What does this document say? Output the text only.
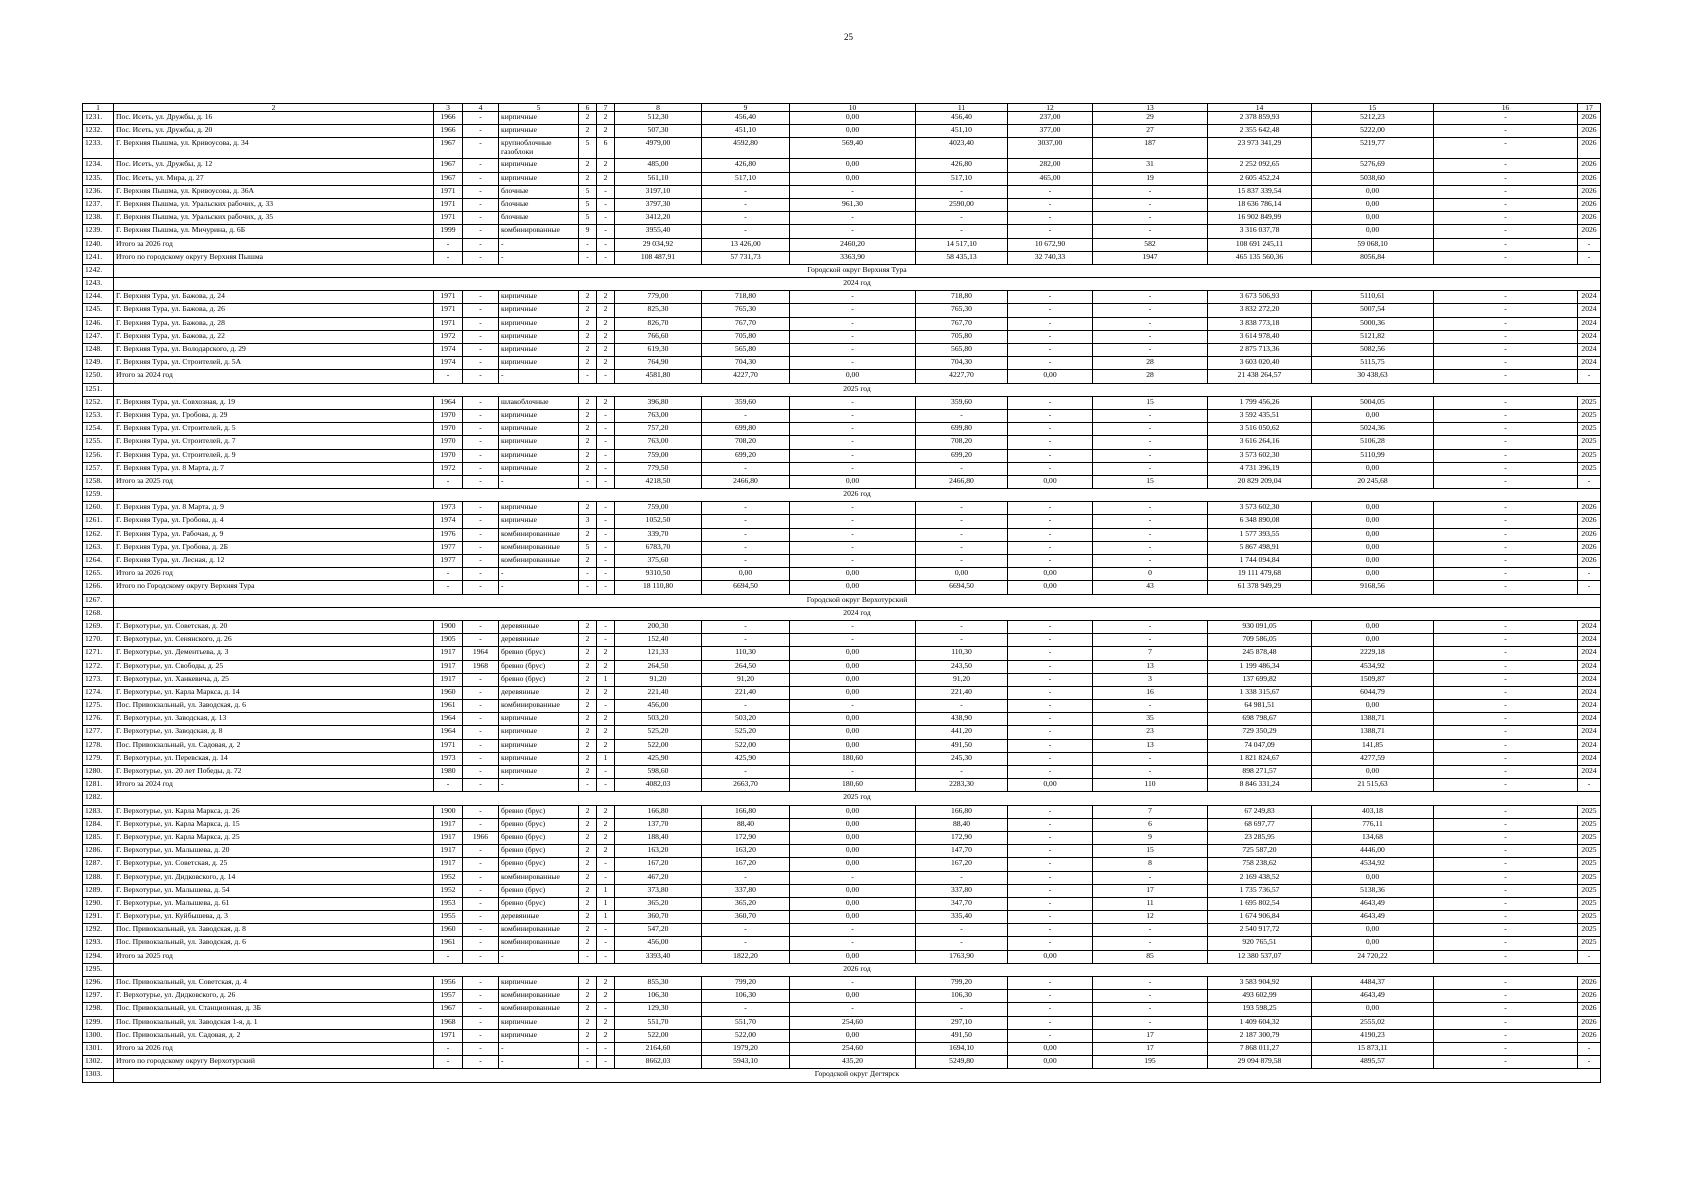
25
1	2	3	4	5	6	7	8	9	10	11	12	13	14	15	16	17
1231.	Пос. Исеть, ул. Дружбы, д. 16	1966	-	кирпичные	2	2	512,30	456,40	0,00	456,40	237,00	29	2 378 859,93	5212,23	-	2026
1232.	Пос. Исеть, ул. Дружбы, д. 20	1966	-	кирпичные	2	2	507,30	451,10	0,00	451,10	377,00	27	2 355 642,48	5222,00	-	2026
1233.	Г. Верхняя Пышма, ул. Кривоусова, д. 34	1967	-	крупноблочные газоблоки	5	6	4979,00	4592,80	569,40	4023,40	3037,00	187	23 973 341,29	5219,77	-	2026
1234.	Пос. Исеть, ул. Дружбы, д. 12	1967	-	кирпичные	2	2	485,00	426,80	0,00	426,80	282,00	31	2 252 092,65	5276,69	-	2026
1235.	Пос. Исеть, ул. Мира, д. 27	1967	-	кирпичные	2	2	561,10	517,10	0,00	517,10	465,00	19	2 605 452,24	5038,60	-	2026
1236.	Г. Верхняя Пышма, ул. Кривоусова, д. 36А	1971	-	блочные	5	-	3197,10	-	-	-	-	-	15 837 339,54	0,00	-	2026
1237.	Г. Верхняя Пышма, ул. Уральских рабочих, д. 33	1971	-	блочные	5	-	3797,30	-	961,30	2590,00	-	-	18 636 786,14	0,00	-	2026
1238.	Г. Верхняя Пышма, ул. Уральских рабочих, д. 35	1971	-	блочные	5	-	3412,20	-	-	-	-	-	16 902 849,99	0,00	-	2026
1239.	Г. Верхняя Пышма, ул. Мичурина, д. 6Б	1999	-	комбинированные	9	-	3955,40	-	-	-	-	-	3 316 037,78	0,00	-	2026
1240.	Итого за 2026 год	-	-	-	-	-	29 034,92	13 426,00	2460,20	14 517,10	10 672,90	582	108 691 245,11	59 068,10	-	-
1241.	Итого по городскому округу Верхняя Пышма	-	-	-	-	-	108 487,91	57 731,73	3363,90	58 435,13	32 740,33	1947	465 135 560,36	8056,84	-	-
1242.	Городской округ Верхняя Тура															
1243.	2024 год															
1244.	Г. Верхняя Тура, ул. Бажова, д. 24	1971	-	кирпичные	2	2	779,00	718,80	-	718,80	-	-	3 673 506,93	5110,61	-	2024
1245.	Г. Верхняя Тура, ул. Бажова, д. 26	1971	-	кирпичные	2	2	825,30	765,30	-	765,30	-	-	3 832 272,20	5007,54	-	2024
1246.	Г. Верхняя Тура, ул. Бажова, д. 28	1971	-	кирпичные	2	2	826,70	767,70	-	767,70	-	-	3 838 773,18	5000,36	-	2024
1247.	Г. Верхняя Тура, ул. Бажова, д. 22	1972	-	кирпичные	2	2	766,60	705,80	-	705,80	-	-	3 614 978,40	5121,82	-	2024
1248.	Г. Верхняя Тура, ул. Володарского, д. 29	1974	-	кирпичные	2	2	619,30	565,80	-	565,80	-	-	2 875 713,36	5082,56	-	2024
1249.	Г. Верхняя Тура, ул. Строителей, д. 5А	1974	-	кирпичные	2	2	764,90	704,30	-	704,30	-	28	3 603 020,40	5115,75	-	2024
1250.	Итого за 2024 год	-	-	-	-	-	4581,80	4227,70	0,00	4227,70	0,00	28	21 438 264,57	30 438,63	-	-
1251.	2025 год															
1252.	Г. Верхняя Тура, ул. Совхозная, д. 19	1964	-	шлакоблочные	2	2	396,80	359,60	-	359,60	-	15	1 799 456,26	5004,05	-	2025
1253.	Г. Верхняя Тура, ул. Гробова, д. 29	1970	-	кирпичные	2	-	763,00	-	-	-	-	-	3 592 435,51	0,00	-	2025
1254.	Г. Верхняя Тура, ул. Строителей, д. 5	1970	-	кирпичные	2	-	757,20	699,80	-	699,80	-	-	3 516 050,62	5024,36	-	2025
1255.	Г. Верхняя Тура, ул. Строителей, д. 7	1970	-	кирпичные	2	-	763,00	708,20	-	708,20	-	-	3 616 264,16	5106,28	-	2025
1256.	Г. Верхняя Тура, ул. Строителей, д. 9	1970	-	кирпичные	2	-	759,00	699,20	-	699,20	-	-	3 573 602,30	5110,99	-	2025
1257.	Г. Верхняя Тура, ул. 8 Марта, д. 7	1972	-	кирпичные	2	-	779,50	-	-	-	-	-	4 731 396,19	0,00	-	2025
1258.	Итого за 2025 год	-	-	-	-	-	4218,50	2466,80	0,00	2466,80	0,00	15	20 829 209,04	20 245,68	-	-
1259.	2026 год															
1260.	Г. Верхняя Тура, ул. 8 Марта, д. 9	1973	-	кирпичные	2	-	759,00	-	-	-	-	-	3 573 602,30	0,00	-	2026
1261.	Г. Верхняя Тура, ул. Гробова, д. 4	1974	-	кирпичные	3	-	1052,50	-	-	-	-	-	6 348 890,08	0,00	-	2026
1262.	Г. Верхняя Тура, ул. Рабочая, д. 9	1976	-	комбинированные	2	-	339,70	-	-	-	-	-	1 577 393,55	0,00	-	2026
1263.	Г. Верхняя Тура, ул. Гробова, д. 2Б	1977	-	комбинированные	5	-	6783,70	-	-	-	-	-	5 867 498,91	0,00	-	2026
1264.	Г. Верхняя Тура, ул. Лесная, д. 12	1977	-	комбинированные	2	-	375,60	-	-	-	-	-	1 744 094,84	0,00	-	2026
1265.	Итого за 2026 год	-	-	-	-	-	9310,50	0,00	0,00	0,00	0,00	0	19 111 479,68	0,00	-	-
1266.	Итого по Городскому округу Верхняя Тура	-	-	-	-	-	18 110,80	6694,50	0,00	6694,50	0,00	43	61 378 949,29	9168,56	-	-
1267.	Городской округ Верхотурский															
1268.	2024 год															
1269.	Г. Верхотурье, ул. Советская, д. 20	1900	-	деревянные	2	-	200,30	-	-	-	-	-	930 091,05	0,00	-	2024
1270.	Г. Верхотурье, ул. Сенянского, д. 26	1905	-	деревянные	2	-	152,40	-	-	-	-	-	709 586,05	0,00	-	2024
1271.	Г. Верхотурье, ул. Дементьева, д. 3	1917	1964	бревно (брус)	2	2	121,33	110,30	0,00	110,30	-	7	245 878,48	2229,18	-	2024
1272.	Г. Верхотурье, ул. Свободы, д. 25	1917	1968	бревно (брус)	2	2	264,50	264,50	0,00	243,50	-	13	1 199 486,34	4534,92	-	2024
1273.	Г. Верхотурье, ул. Ханкевича, д. 25	1917	-	бревно (брус)	2	1	91,20	91,20	0,00	91,20	-	3	137 699,82	1509,87	-	2024
1274.	Г. Верхотурье, ул. Карла Маркса, д. 14	1960	-	деревянные	2	2	221,40	221,40	0,00	221,40	-	16	1 338 315,67	6044,79	-	2024
1275.	Пос. Привокзальный, ул. Заводская, д. 6	1961	-	комбинированные	2	-	456,00	-	-	-	-	-	64 981,51	0,00	-	2024
1276.	Г. Верхотурье, ул. Заводская, д. 13	1964	-	кирпичные	2	2	503,20	503,20	0,00	438,90	-	35	698 798,67	1388,71	-	2024
1277.	Г. Верхотурье, ул. Заводская, д. 8	1964	-	кирпичные	2	2	525,20	525,20	0,00	441,20	-	23	729 350,29	1388,71	-	2024
1278.	Пос. Привокзальный, ул. Садовая, д. 2	1971	-	кирпичные	2	2	522,00	522,00	0,00	491,50	-	13	74 047,09	141,85	-	2024
1279.	Г. Верхотурье, ул. Перевская, д. 14	1973	-	кирпичные	2	1	425,90	425,90	180,60	245,30	-	-	1 821 824,67	4277,59	-	2024
1280.	Г. Верхотурье, ул. 20 лет Победы, д. 72	1980	-	кирпичные	2	-	598,60	-	-	-	-	-	898 271,57	0,00	-	2024
1281.	Итого за 2024 год	-	-	-	-	-	4082,03	2663,70	180,60	2283,30	0,00	110	8 846 331,24	21 515,63	-	-
1282.	2025 год															
1283.	Г. Верхотурье, ул. Карла Маркса, д. 26	1900	-	бревно (брус)	2	2	166,80	166,80	0,00	166,80	-	7	67 249,83	403,18	-	2025
1284.	Г. Верхотурье, ул. Карла Маркса, д. 15	1917	-	бревно (брус)	2	2	137,70	88,40	0,00	88,40	-	6	68 697,77	776,11	-	2025
1285.	Г. Верхотурье, ул. Карла Маркса, д. 25	1917	1966	бревно (брус)	2	2	188,40	172,90	0,00	172,90	-	9	23 285,95	134,68	-	2025
1286.	Г. Верхотурье, ул. Малышева, д. 20	1917	-	бревно (брус)	2	2	163,20	163,20	0,00	147,70	-	15	725 587,20	4446,00	-	2025
1287.	Г. Верхотурье, ул. Советская, д. 25	1917	-	бревно (брус)	2	-	167,20	167,20	0,00	167,20	-	8	758 238,62	4534,92	-	2025
1288.	Г. Верхотурье, ул. Дидковского, д. 14	1952	-	комбинированные	2	-	467,20	-	-	-	-	-	2 169 438,52	0,00	-	2025
1289.	Г. Верхотурье, ул. Малышева, д. 54	1952	-	бревно (брус)	2	1	373,80	337,80	0,00	337,80	-	17	1 735 736,57	5138,36	-	2025
1290.	Г. Верхотурье, ул. Малышева, д. 61	1953	-	бревно (брус)	2	1	365,20	365,20	0,00	347,70	-	11	1 695 802,54	4643,49	-	2025
1291.	Г. Верхотурье, ул. Куйбышева, д. 3	1955	-	деревянные	2	1	360,70	360,70	0,00	335,40	-	12	1 674 906,84	4643,49	-	2025
1292.	Пос. Привокзальный, ул. Заводская, д. 8	1960	-	комбинированные	2	-	547,20	-	-	-	-	-	2 540 917,72	0,00	-	2025
1293.	Пос. Привокзальный, ул. Заводская, д. 6	1961	-	комбинированные	2	-	456,00	-	-	-	-	-	920 765,51	0,00	-	2025
1294.	Итого за 2025 год	-	-	-	-	-	3393,40	1822,20	0,00	1763,90	0,00	85	12 380 537,07	24 720,22	-	-
1295.	2026 год															
1296.	Пос. Привокзальный, ул. Советская, д. 4	1956	-	кирпичные	2	2	855,30	799,20	-	799,20	-	-	3 583 904,92	4484,37	-	2026
1297.	Г. Верхотурье, ул. Дидковского, д. 26	1957	-	комбинированные	2	2	106,30	106,30	0,00	106,30	-	-	493 602,99	4643,49	-	2026
1298.	Пос. Привокзальный, ул. Станционная, д. 3Б	1967	-	комбинированные	2	-	129,30	-	-	-	-	-	193 598,25	0,00	-	2026
1299.	Пос. Привокзальный, ул. Заводская 1-я, д. 1	1968	-	кирпичные	2	2	551,70	551,70	254,60	297,10	-	-	1 409 604,32	2555,02	-	2026
1300.	Пос. Привокзальный, ул. Садовая, д. 2	1971	-	кирпичные	2	2	522,00	522,00	0,00	491,50	-	17	2 187 300,79	4190,23	-	2026
1301.	Итого за 2026 год	-	-	-	-	-	2164,60	1979,20	254,60	1694,10	0,00	17	7 868 011,27	15 873,11	-	-
1302.	Итого по городскому округу Верхотурский	-	-	-	-	-	8662,03	5943,10	435,20	5249,80	0,00	195	29 094 879,58	4895,57	-	-
1303.	Городской округ Дегтярск															
